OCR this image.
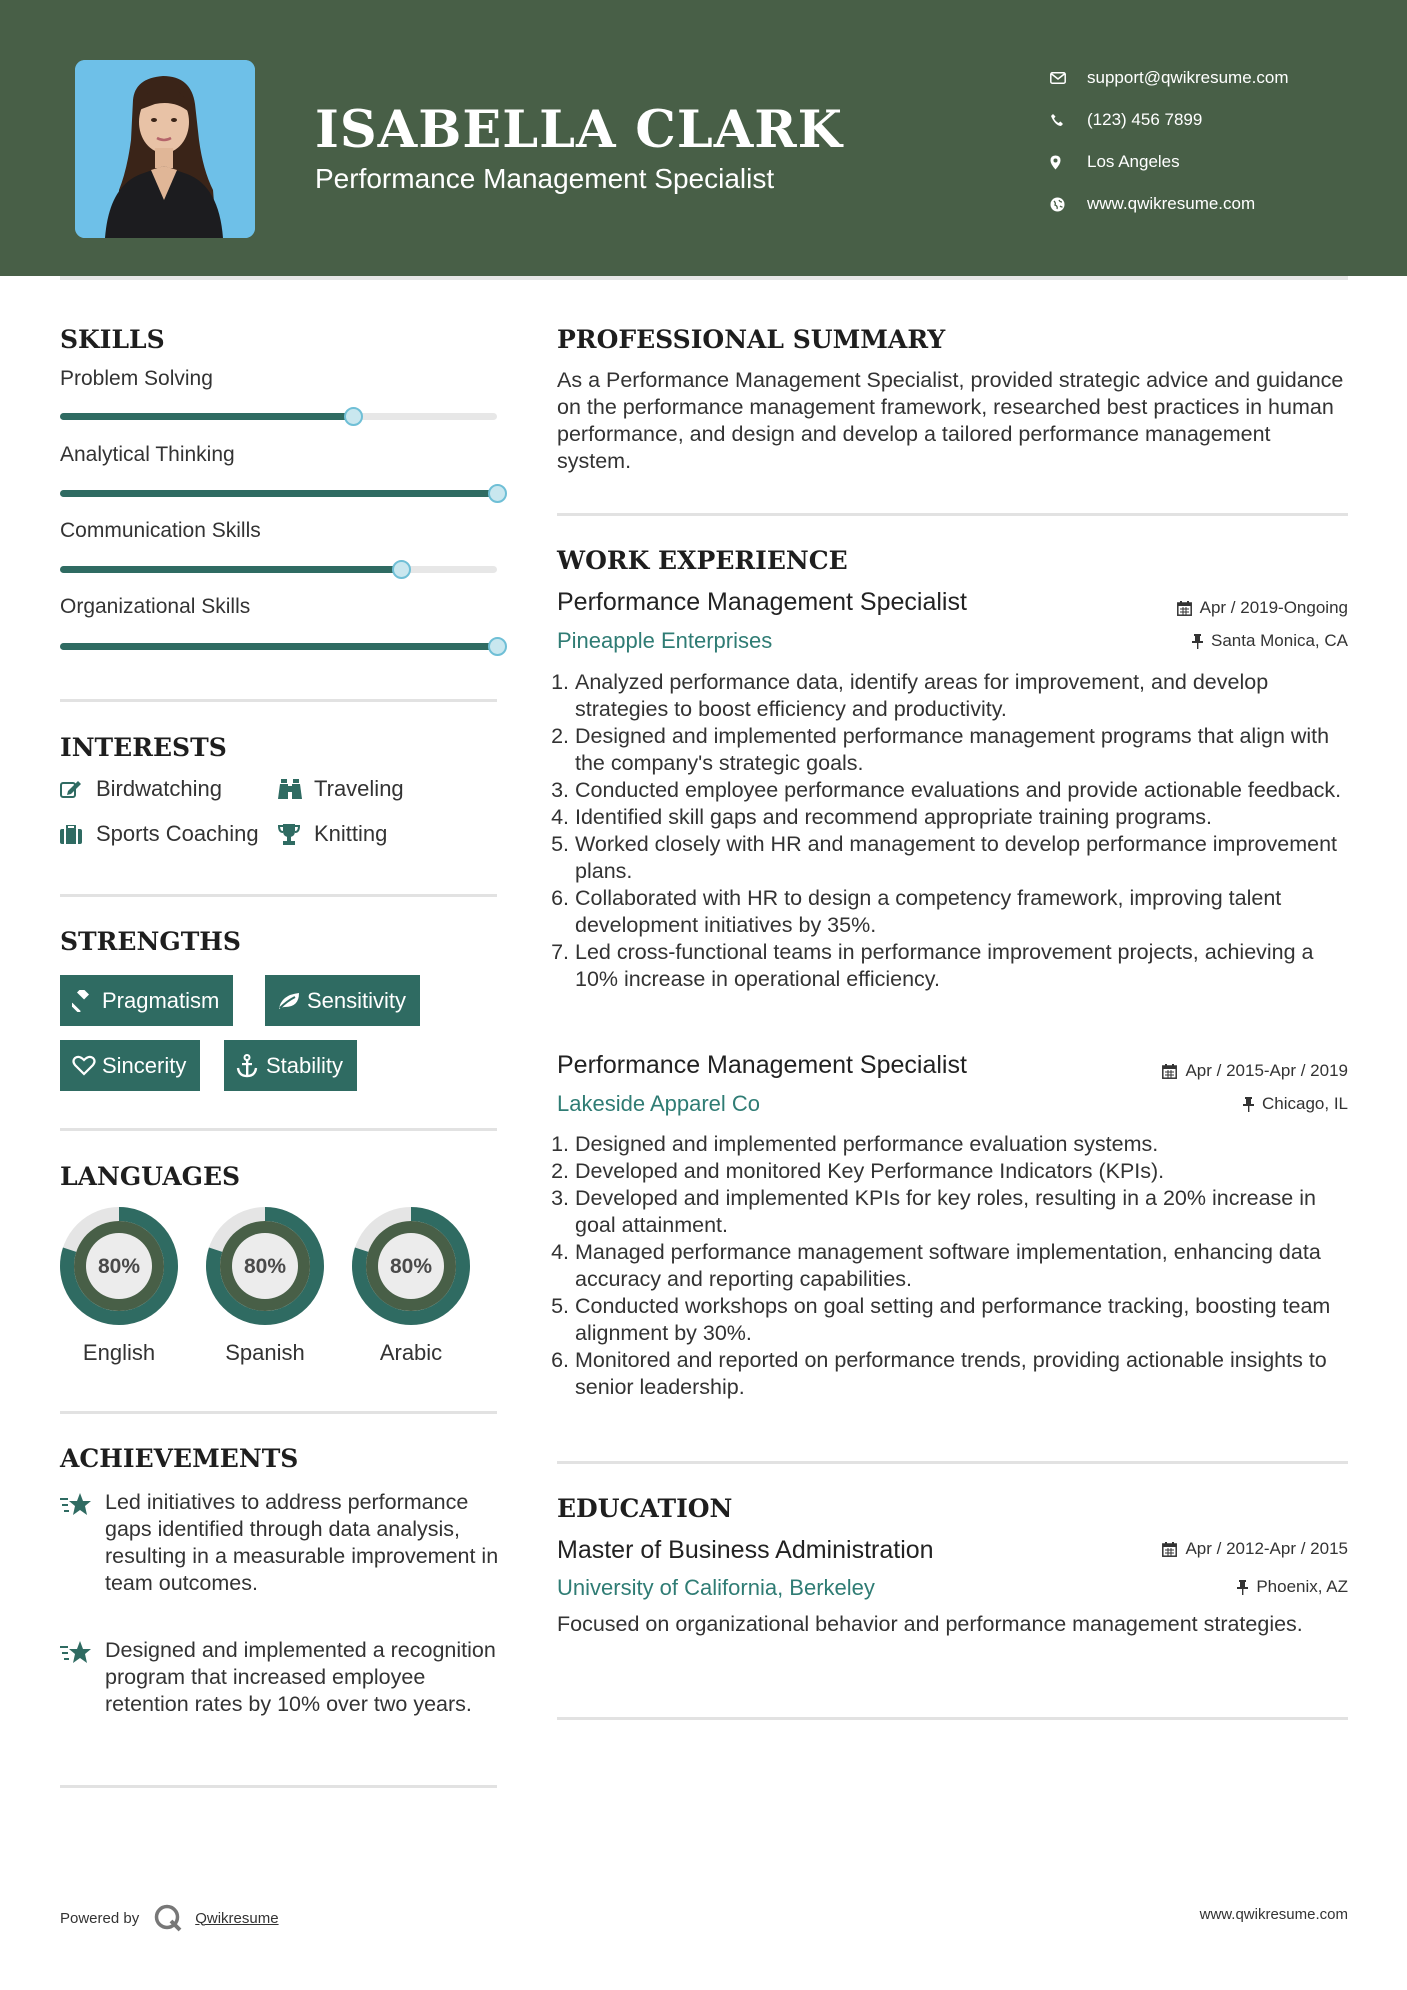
ISABELLA CLARK
Performance Management Specialist
support@qwikresume.com
(123) 456 7899
Los Angeles
www.qwikresume.com
SKILLS
Problem Solving
Analytical Thinking
Communication Skills
Organizational Skills
INTERESTS
Birdwatching	Traveling
Sports Coaching	Knitting
STRENGTHS
Pragmatism	Sensitivity
Sincerity	Stability
LANGUAGES
80%
English
80%
Spanish
80%
Arabic
ACHIEVEMENTS
Led initiatives to address performance gaps identified through data analysis, resulting in a measurable improvement in team outcomes.
Designed and implemented a recognition program that increased employee retention rates by 10% over two years.
PROFESSIONAL SUMMARY
As a Performance Management Specialist, provided strategic advice and guidance on the performance management framework, researched best practices in human performance, and design and develop a tailored performance management system.
WORK EXPERIENCE
Performance Management Specialist	Apr / 2019-Ongoing
Pineapple Enterprises	Santa Monica, CA
1. Analyzed performance data, identify areas for improvement, and develop strategies to boost efficiency and productivity.
2. Designed and implemented performance management programs that align with the company's strategic goals.
3. Conducted employee performance evaluations and provide actionable feedback.
4. Identified skill gaps and recommend appropriate training programs.
5. Worked closely with HR and management to develop performance improvement plans.
6. Collaborated with HR to design a competency framework, improving talent development initiatives by 35%.
7. Led cross-functional teams in performance improvement projects, achieving a 10% increase in operational efficiency.
Performance Management Specialist	Apr / 2015-Apr / 2019
Lakeside Apparel Co	Chicago, IL
1. Designed and implemented performance evaluation systems.
2. Developed and monitored Key Performance Indicators (KPIs).
3. Developed and implemented KPIs for key roles, resulting in a 20% increase in goal attainment.
4. Managed performance management software implementation, enhancing data accuracy and reporting capabilities.
5. Conducted workshops on goal setting and performance tracking, boosting team alignment by 30%.
6. Monitored and reported on performance trends, providing actionable insights to senior leadership.
EDUCATION
Master of Business Administration	Apr / 2012-Apr / 2015
University of California, Berkeley	Phoenix, AZ
Focused on organizational behavior and performance management strategies.
Powered by	Qwikresume	www.qwikresume.com
